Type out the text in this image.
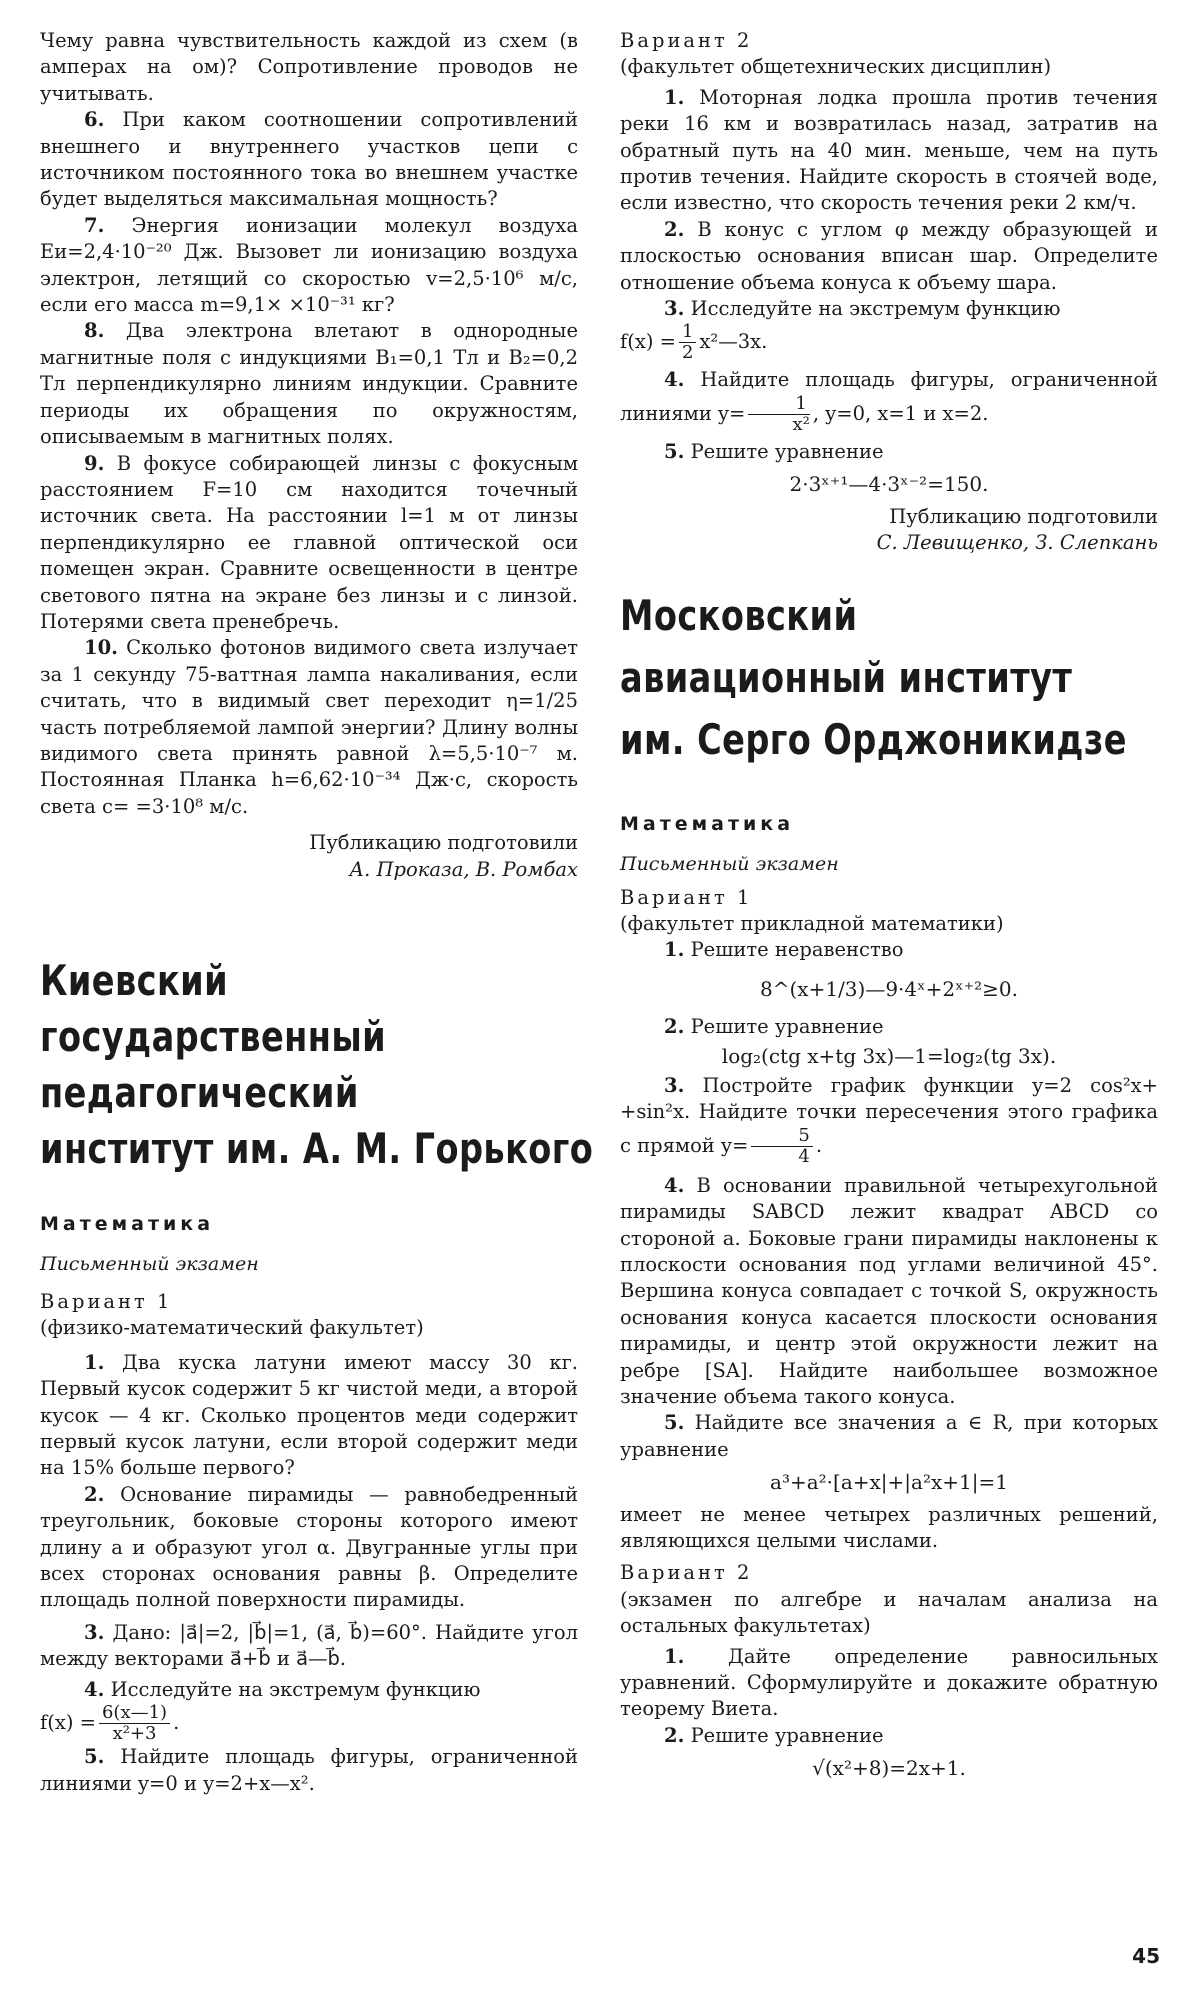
Чему равна чувствительность каждой из схем (в амперах на ом)? Сопротивление проводов не учитывать.

6. При каком соотношении сопротивлений внешнего и внутреннего участков цепи с источником постоянного тока во внешнем участке будет выделяться максимальная мощность?

7. Энергия ионизации молекул воздуха Еи=2,4·10⁻²⁰ Дж. Вызовет ли ионизацию воздуха электрон, летящий со скоростью v=2,5·10⁶ м/с, если его масса m=9,1× ×10⁻³¹ кг?

8. Два электрона влетают в однородные магнитные поля с индукциями B₁=0,1 Тл и B₂=0,2 Тл перпендикулярно линиям индукции. Сравните периоды их обращения по окружностям, описываемым в магнитных полях.

9. В фокусе собирающей линзы с фокусным расстоянием F=10 см находится точечный источник света. На расстоянии l=1 м от линзы перпендикулярно ее главной оптической оси помещен экран. Сравните освещенности в центре светового пятна на экране без линзы и с линзой. Потерями света пренебречь.

10. Сколько фотонов видимого света излучает за 1 секунду 75-ваттная лампа накаливания, если считать, что в видимый свет переходит η=1/25 часть потребляемой лампой энергии? Длину волны видимого света принять равной λ=5,5·10⁻⁷ м. Постоянная Планка h=6,62·10⁻³⁴ Дж·с, скорость света c= =3·10⁸ м/с.

Публикацию подготовили

А. Проказа, В. Ромбах

Киевский

государственный

педагогический

институт им. А. М. Горького

Математика

Письменный экзамен

Вариант 1

(физико-математический факультет)

1. Два куска латуни имеют массу 30 кг. Первый кусок содержит 5 кг чистой меди, а второй кусок — 4 кг. Сколько процентов меди содержит первый кусок латуни, если второй содержит меди на 15% больше первого?

2. Основание пирамиды — равнобедренный треугольник, боковые стороны которого имеют длину a и образуют угол α. Двугранные углы при всех сторонах основания равны β. Определите площадь полной поверхности пирамиды.

3. Дано: |a⃗|=2, |b⃗|=1, (a⃗, b⃗)=60°. Найдите угол между векторами a⃗+b⃗ и a⃗—b⃗.

4. Исследуйте на экстремум функцию

$f(x) = \frac{6(x—1)}{\text{x²+3}}$ .

5. Найдите площадь фигуры, ограниченной линиями y=0 и y=2+x—x².

Вариант 2

(факультет общетехнических дисциплин)

1. Моторная лодка прошла против течения реки 16 км и возвратилась назад, затратив на обратный путь на 40 мин. меньше, чем на путь против течения. Найдите скорость в стоячей воде, если известно, что скорость течения реки 2 км/ч.

2. В конус с углом φ между образующей и плоскостью основания вписан шар. Определите отношение объема конуса к объему шара.

3. Исследуйте на экстремум функцию

$f(x) = \frac{1}{2}$ x²—3x.

4. Найдите площадь фигуры, ограниченной линиями $y= \frac{1}{\text{x²}}$ , y=0, x=1 и x=2.

5. Решите уравнение

2·3ˣ⁺¹—4·3ˣ⁻²=150.

Публикацию подготовили

С. Левищенко, З. Слепкань

Московский

авиационный институт

им. Серго Орджоникидзе

Математика

Письменный экзамен

Вариант 1

(факультет прикладной математики)

1. Решите неравенство

8^(x+1/3)—9·4ˣ+2ˣ⁺²≥0.

2. Решите уравнение

log₂(ctg x+tg 3x)—1=log₂(tg 3x).

3. Постройте график функции y=2 cos²x+ +sin²x. Найдите точки пересечения этого графика с прямой $y= \frac{5}{4}$ .

4. В основании правильной четырехугольной пирамиды SABCD лежит квадрат ABCD со стороной a. Боковые грани пирамиды наклонены к плоскости основания под углами величиной 45°. Вершина конуса совпадает с точкой S, окружность основания конуса касается плоскости основания пирамиды, и центр этой окружности лежит на ребре [SA]. Найдите наибольшее возможное значение объема такого конуса.

5. Найдите все значения a ∈ R, при которых уравнение

a³+a²·[a+x|+|a²x+1|=1

имеет не менее четырех различных решений, являющихся целыми числами.

Вариант 2

(экзамен по алгебре и началам анализа на остальных факультетах)

1. Дайте определение равносильных уравнений. Сформулируйте и докажите обратную теорему Виета.

2. Решите уравнение

√(x²+8)=2x+1.

45
